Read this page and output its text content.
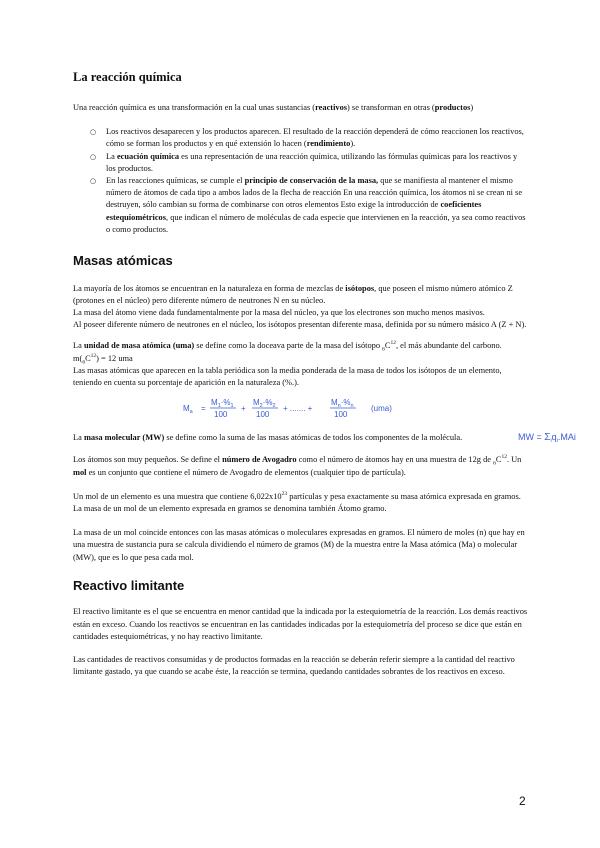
La reacción química

Una reacción química es una transformación en la cual unas sustancias (reactivos) se transforman en otras (productos)

○ Los reactivos desaparecen y los productos aparecen. El resultado de la reacción dependerá de cómo reaccionen los reactivos, cómo se forman los productos y en qué extensión lo hacen (rendimiento).
○ La ecuación química es una representación de una reacción química, utilizando las fórmulas químicas para los reactivos y los productos.
○ En las reacciones químicas, se cumple el principio de conservación de la masa, que se manifiesta al mantener el mismo número de átomos de cada tipo a ambos lados de la flecha de reacción En una reacción química, los átomos ni se crean ni se destruyen, sólo cambian su forma de combinarse con otros elementos Esto exige la introducción de coeficientes estequiométricos, que indican el número de moléculas de cada especie que intervienen en la reacción, ya sea como reactivos o como productos.
Masas atómicas

La mayoría de los átomos se encuentran en la naturaleza en forma de mezclas de isótopos, que poseen el mismo número atómico Z (protones en el núcleo) pero diferente número de neutrones N en su núcleo.

La masa del átomo viene dada fundamentalmente por la masa del núcleo, ya que los electrones son mucho menos masivos.

Al poseer diferente número de neutrones en el núcleo, los isótopos presentan diferente masa, definida por su número másico A (Z + N).

La unidad de masa atómica (uma) se define como la doceava parte de la masa del isótopo $_6C^{12}$, el más abundante del carbono. $m(_6C^{12}) = 12$ uma

Las masas atómicas que aparecen en la tabla periódica son la media ponderada de la masa de todos los isótopos de un elemento, teniendo en cuenta su porcentaje de aparición en la naturaleza (%.).

$M_a$ =
$M_1\cdot\%_1$
100
+
$M_2\cdot\%_2$
100
+ ....... +
$M_n\cdot\%_n$
100
(uma)

La masa molecular (MW) se define como la suma de las masas atómicas de todos los componentes de la molécula.	MW = $\Sigma_iq_i.MAi$

Los átomos son muy pequeños. Se define el número de Avogadro como el número de átomos hay en una muestra de 12g de $_6C^{12}$. Un mol es un conjunto que contiene el número de Avogadro de elementos (cualquier tipo de partícula).

Un mol de un elemento es una muestra que contiene $6,022x10^{23}$ partículas y pesa exactamente su masa atómica expresada en gramos. La masa de un mol de un elemento expresada en gramos se denomina también Átomo gramo.

La masa de un mol coincide entonces con las masas atómicas o moleculares expresadas en gramos. El número de moles (n) que hay en una muestra de sustancia pura se calcula dividiendo el número de gramos (M) de la muestra entre la Masa atómica (Ma) o molecular (MW), que es lo que pesa cada mol.

Reactivo limitante

El reactivo limitante es el que se encuentra en menor cantidad que la indicada por la estequiometría de la reacción. Los demás reactivos están en exceso. Cuando los reactivos se encuentran en las cantidades indicadas por la estequiometría del proceso se dice que están en cantidades estequiométricas, y no hay reactivo limitante.

Las cantidades de reactivos consumidas y de productos formadas en la reacción se deberán referir siempre a la cantidad del reactivo limitante gastado, ya que cuando se acabe éste, la reacción se termina, quedando cantidades sobrantes de los reactivos en exceso.

2
